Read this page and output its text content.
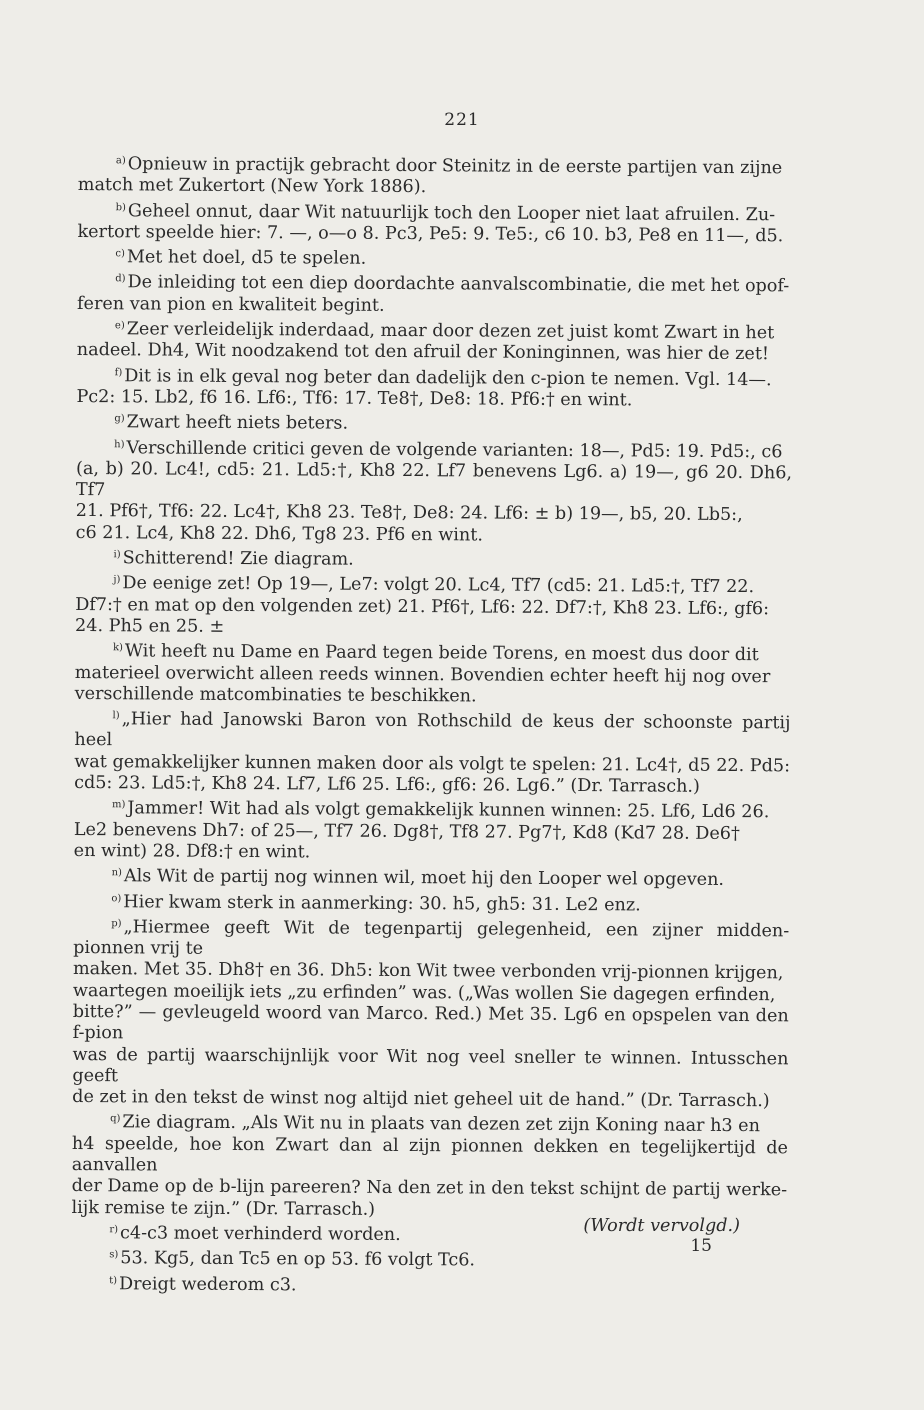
221

$^{a)}$ Opnieuw in practijk gebracht door Steinitz in de eerste partijen van zijne
match met Zukertort (New York 1886).

$^{b)}$ Geheel onnut, daar Wit natuurlijk toch den Looper niet laat afruilen. Zu-
kertort speelde hier: 7. —, o—o 8. Pc3, Pe5: 9. Te5:, c6 10. b3, Pe8 en 11—, d5.

$^{c)}$ Met het doel, d5 te spelen.

$^{d)}$ De inleiding tot een diep doordachte aanvalscombinatie, die met het opof-
feren van pion en kwaliteit begint.

$^{e)}$ Zeer verleidelijk inderdaad, maar door dezen zet juist komt Zwart in het
nadeel. Dh4, Wit noodzakend tot den afruil der Koninginnen, was hier de zet!

$^{f)}$ Dit is in elk geval nog beter dan dadelijk den c-pion te nemen. Vgl. 14—.
Pc2: 15. Lb2, f6 16. Lf6:, Tf6: 17. Te8†, De8: 18. Pf6:† en wint.

$^{g)}$ Zwart heeft niets beters.

$^{h)}$ Verschillende critici geven de volgende varianten: 18—, Pd5: 19. Pd5:, c6
(a, b) 20. Lc4!, cd5: 21. Ld5:†, Kh8 22. Lf7 benevens Lg6. a) 19—, g6 20. Dh6, Tf7
21. Pf6†, Tf6: 22. Lc4†, Kh8 23. Te8†, De8: 24. Lf6: ± b) 19—, b5, 20. Lb5:,
c6 21. Lc4, Kh8 22. Dh6, Tg8 23. Pf6 en wint.

$^{i)}$ Schitterend! Zie diagram.

$^{j)}$ De eenige zet! Op 19—, Le7: volgt 20. Lc4, Tf7 (cd5: 21. Ld5:†, Tf7 22.
Df7:† en mat op den volgenden zet) 21. Pf6†, Lf6: 22. Df7:†, Kh8 23. Lf6:, gf6:
24. Ph5 en 25. ±

$^{k)}$ Wit heeft nu Dame en Paard tegen beide Torens, en moest dus door dit
materieel overwicht alleen reeds winnen. Bovendien echter heeft hij nog over
verschillende matcombinaties te beschikken.

$^{l)}$ „Hier had Janowski Baron von Rothschild de keus der schoonste partij heel
wat gemakkelijker kunnen maken door als volgt te spelen: 21. Lc4†, d5 22. Pd5:
cd5: 23. Ld5:†, Kh8 24. Lf7, Lf6 25. Lf6:, gf6: 26. Lg6.” (Dr. Tarrasch.)

$^{m)}$ Jammer! Wit had als volgt gemakkelijk kunnen winnen: 25. Lf6, Ld6 26.
Le2 benevens Dh7: of 25—, Tf7 26. Dg8†, Tf8 27. Pg7†, Kd8 (Kd7 28. De6†
en wint) 28. Df8:† en wint.

$^{n)}$ Als Wit de partij nog winnen wil, moet hij den Looper wel opgeven.

$^{o)}$ Hier kwam sterk in aanmerking: 30. h5, gh5: 31. Le2 enz.

$^{p)}$ „Hiermee geeft Wit de tegenpartij gelegenheid, een zijner midden-pionnen vrij te
maken. Met 35. Dh8† en 36. Dh5: kon Wit twee verbonden vrij-pionnen krijgen,
waartegen moeilijk iets „zu erfinden” was. („Was wollen Sie dagegen erfinden,
bitte?” — gevleugeld woord van Marco. Red.) Met 35. Lg6 en opspelen van den f-pion
was de partij waarschijnlijk voor Wit nog veel sneller te winnen. Intusschen geeft
de zet in den tekst de winst nog altijd niet geheel uit de hand.” (Dr. Tarrasch.)

$^{q)}$ Zie diagram. „Als Wit nu in plaats van dezen zet zijn Koning naar h3 en
h4 speelde, hoe kon Zwart dan al zijn pionnen dekken en tegelijkertijd de aanvallen
der Dame op de b-lijn pareeren? Na den zet in den tekst schijnt de partij werke-
lijk remise te zijn.” (Dr. Tarrasch.)

$^{r)}$ c4-c3 moet verhinderd worden.

$^{s)}$ 53. Kg5, dan Tc5 en op 53. f6 volgt Tc6.

$^{t)}$ Dreigt wederom c3.

(Wordt vervolgd.)
15
